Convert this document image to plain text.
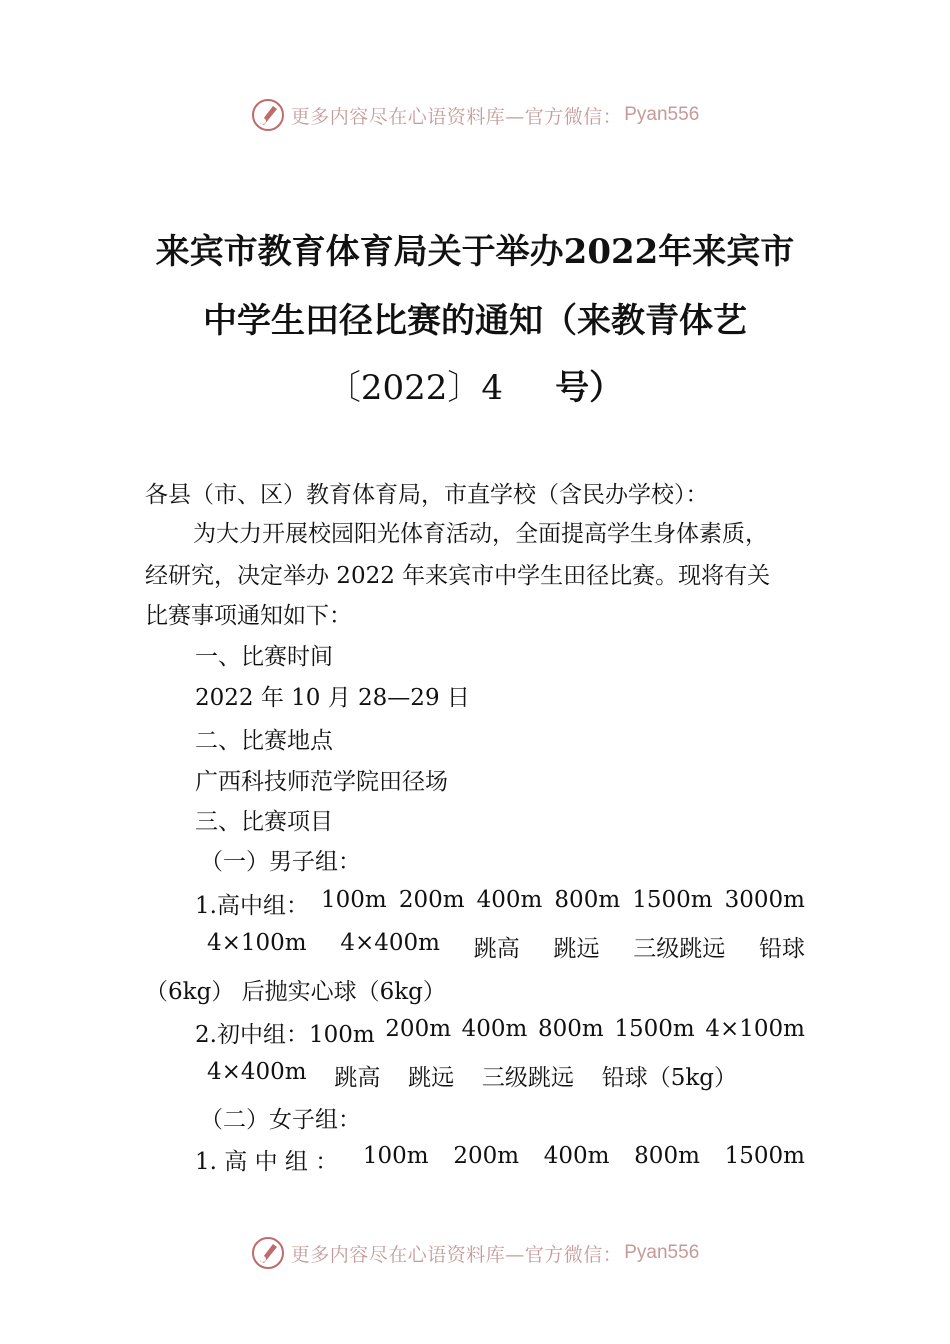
更多内容尽在心语资料库—官方微信： Pyan556
来宾市教育体育局关于举办2022年来宾市
中学生田径比赛的通知（来教青体艺
〔2022〕4 号）
各县（市、区）教育体育局，市直学校（含民办学校）：
为大力开展校园阳光体育活动，全面提高学生身体素质，
经研究，决定举办 2022 年来宾市中学生田径比赛。现将有关
比赛事项通知如下：
一、比赛时间
2022 年 10 月 28—29 日
二、比赛地点
广西科技师范学院田径场
三、比赛项目
（一）男子组：
1.高中组： 100m 200m 400m 800m 1500m 3000m
4×100m 4×400m 跳高 跳远 三级跳远 铅球
（6kg） 后抛实心球（6kg）
2.初中组：100m 200m 400m 800m 1500m 4×100m
4×400m 跳高 跳远 三级跳远 铅球（5kg）
（二）女子组：
1. 高 中 组 ： 100m 200m 400m 800m 1500m
更多内容尽在心语资料库—官方微信： Pyan556
